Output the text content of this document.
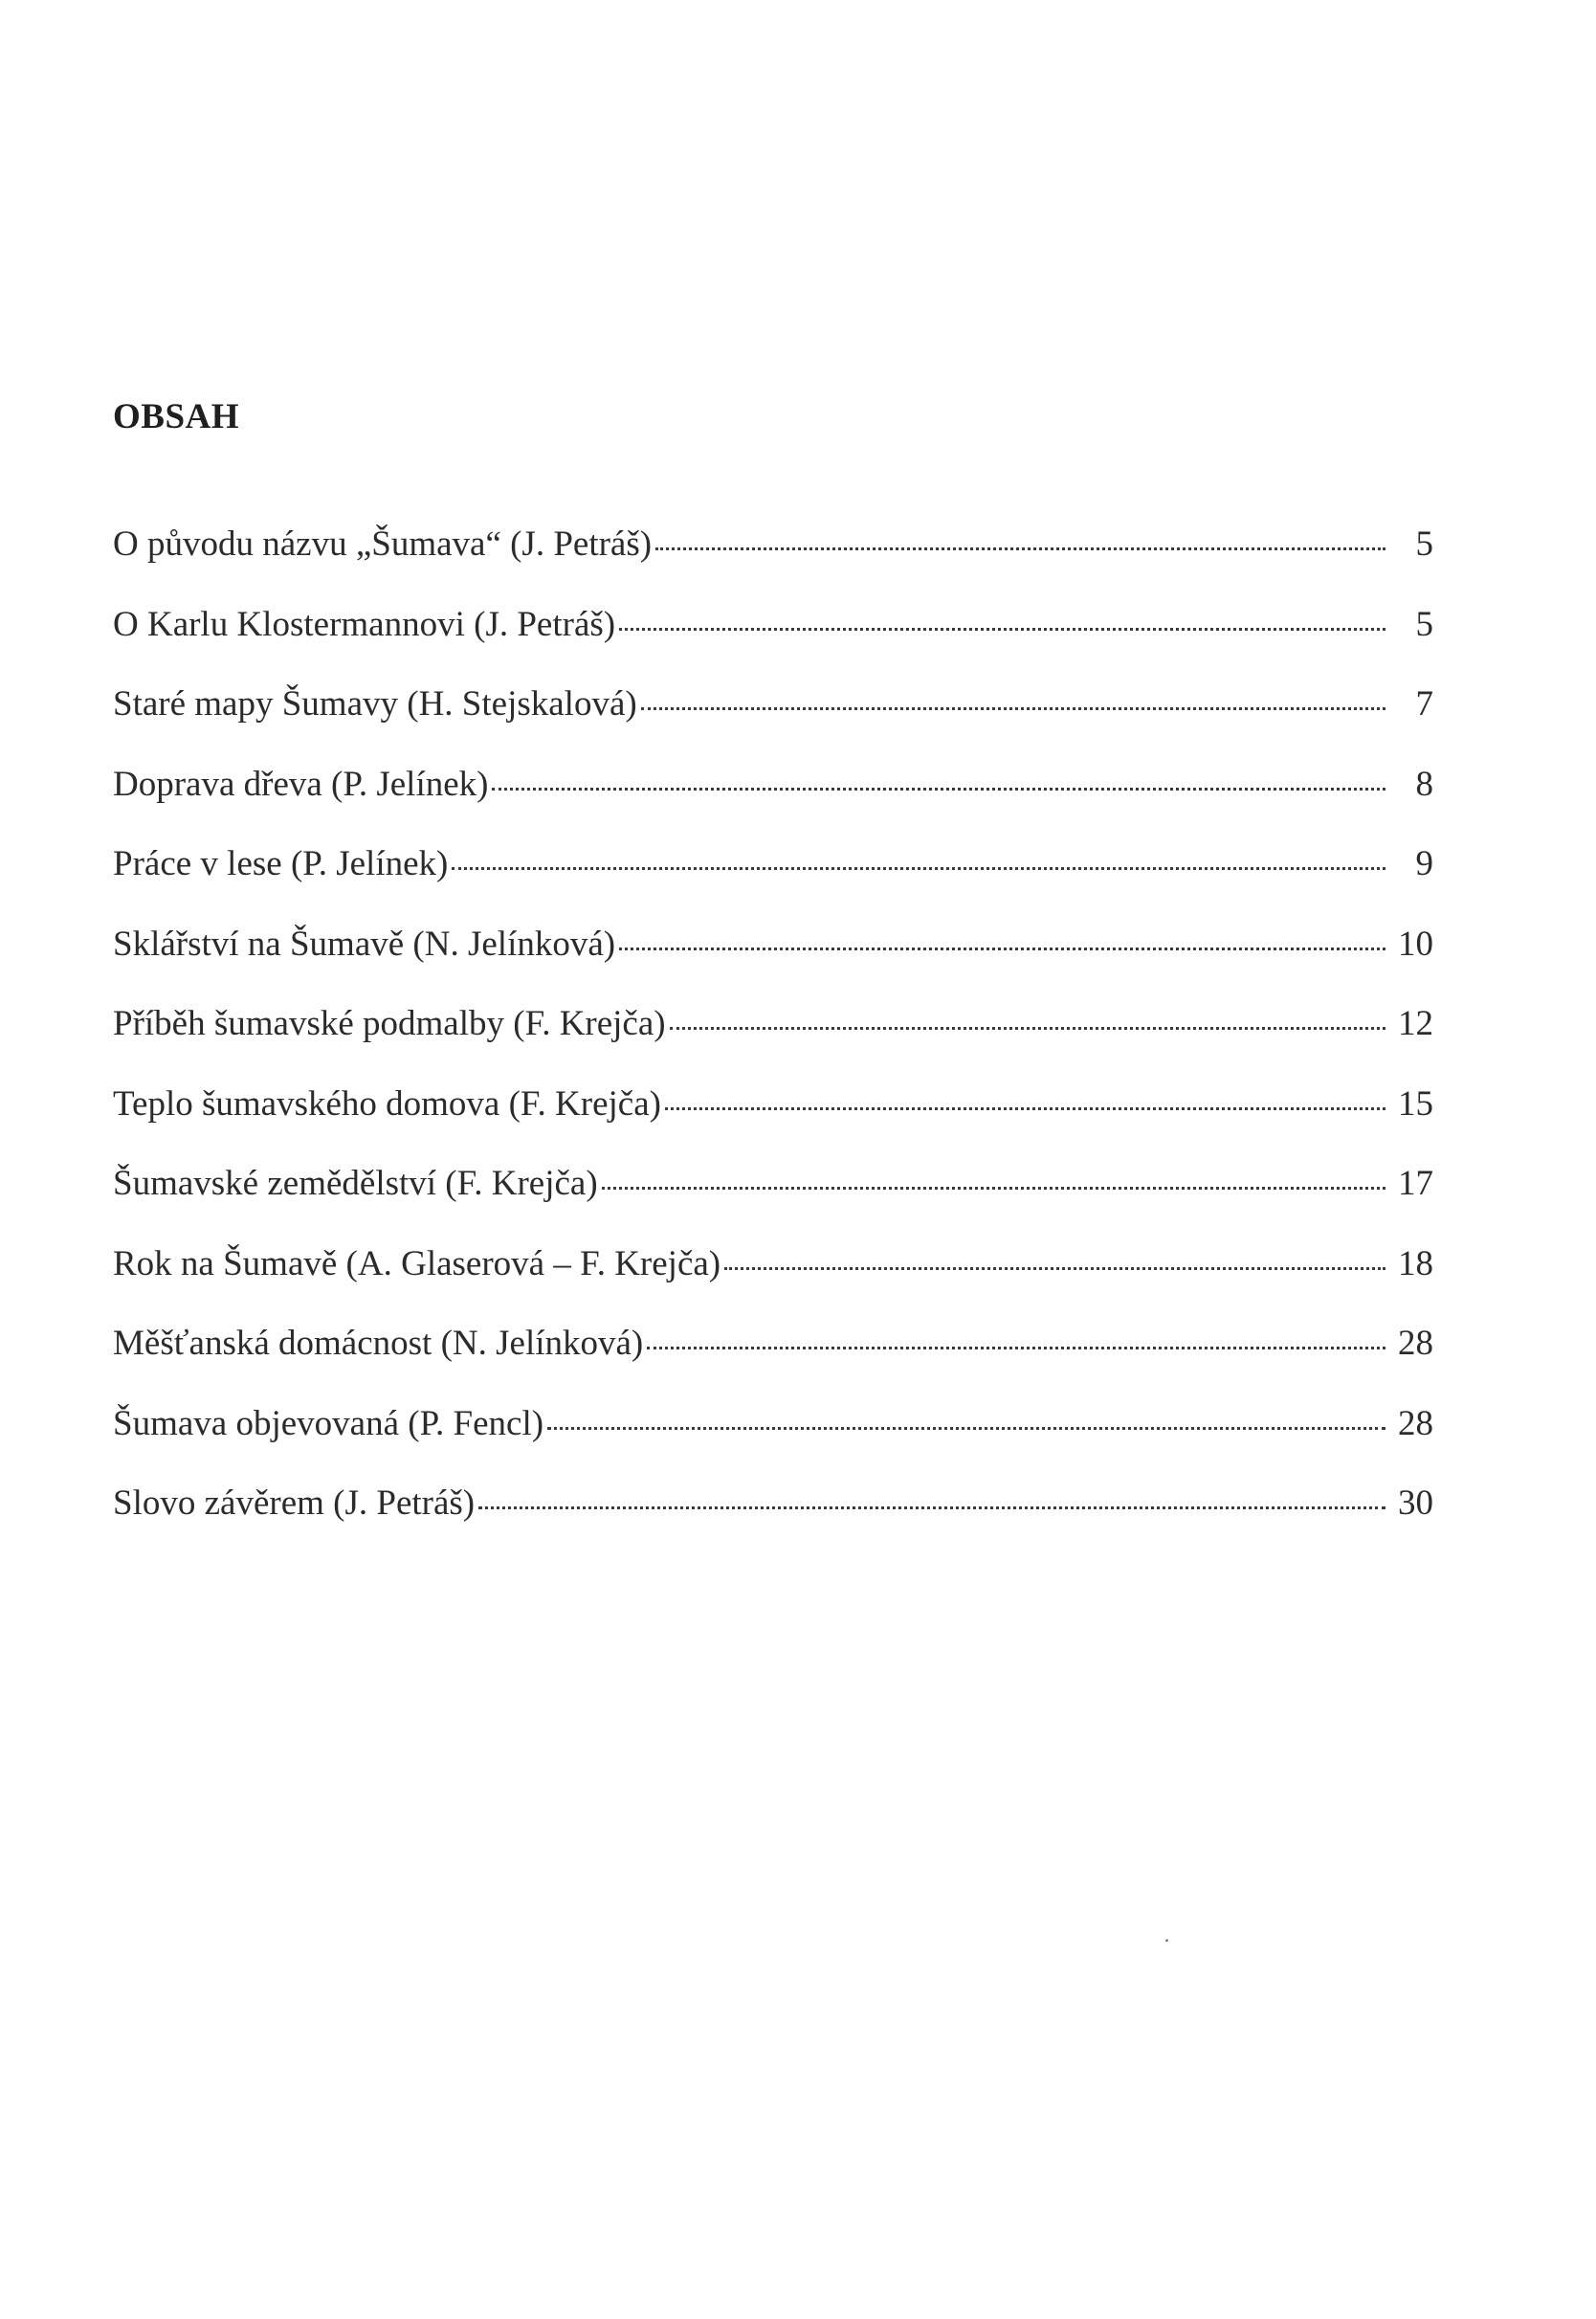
OBSAH
O původu názvu „Šumava“ (J. Petráš)	5
O Karlu Klostermannovi (J. Petráš)	5
Staré mapy Šumavy (H. Stejskalová)	7
Doprava dřeva (P. Jelínek)	8
Práce v lese (P. Jelínek)	9
Sklářství na Šumavě (N. Jelínková)	10
Příběh šumavské podmalby (F. Krejča)	12
Teplo šumavského domova (F. Krejča)	15
Šumavské zemědělství (F. Krejča)	17
Rok na Šumavě (A. Glaserová – F. Krejča)	18
Měšťanská domácnost (N. Jelínková)	28
Šumava objevovaná (P. Fencl)	28
Slovo závěrem (J. Petráš)	30
